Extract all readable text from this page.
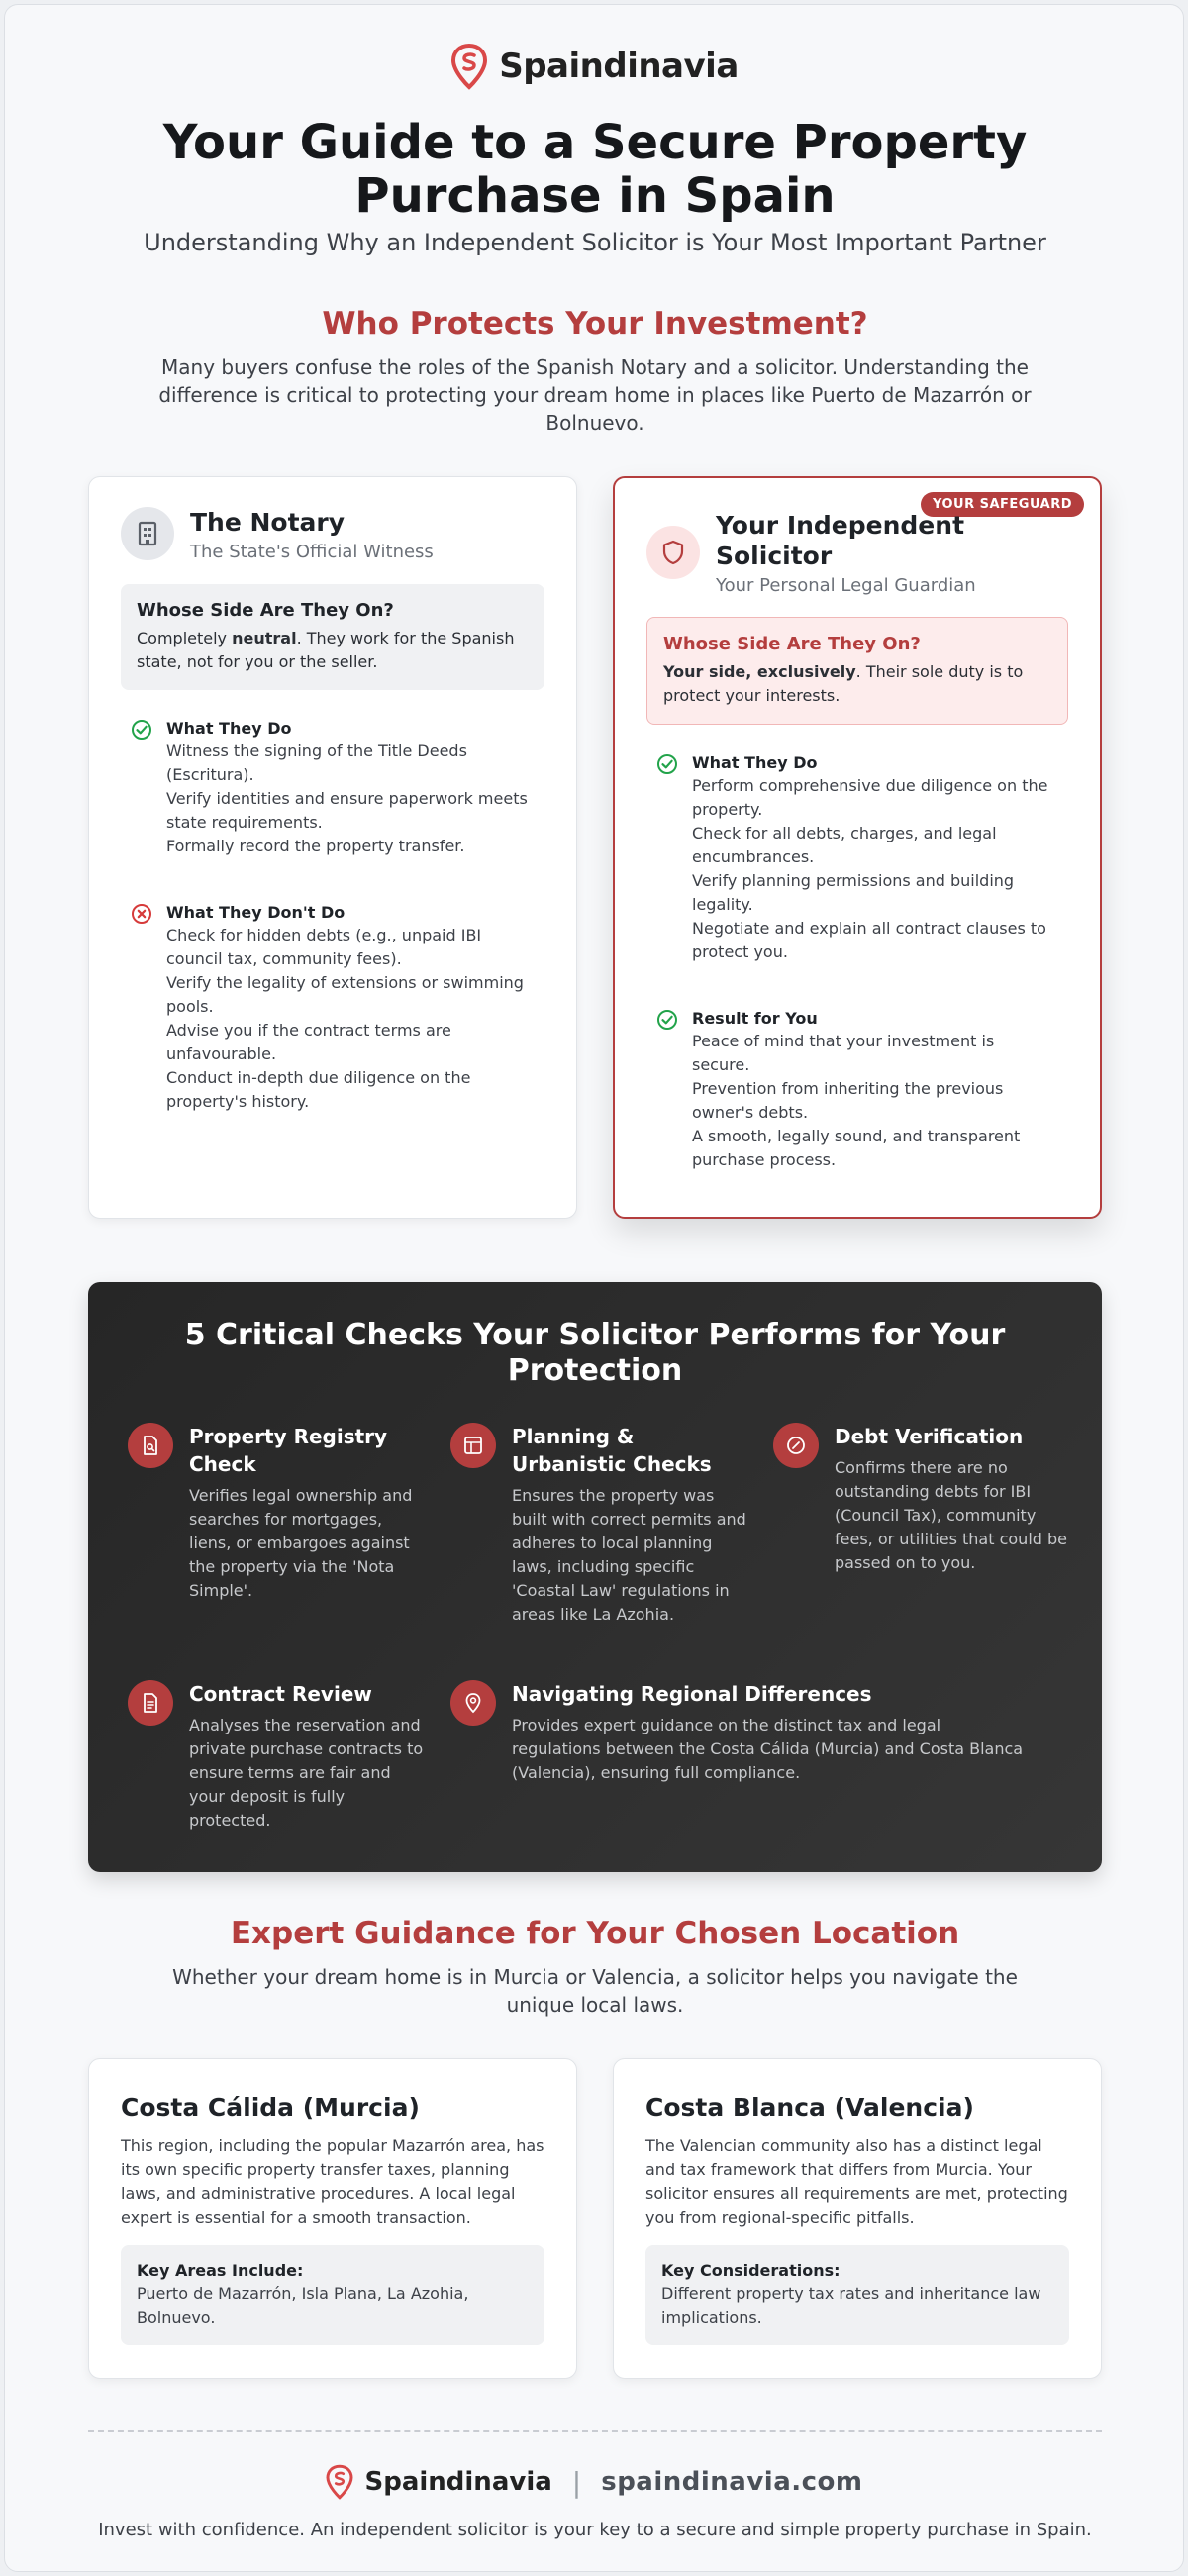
Spaindinavia
Your Guide to a Secure Property Purchase in Spain
Understanding Why an Independent Solicitor is Your Most Important Partner
Who Protects Your Investment?

Many buyers confuse the roles of the Spanish Notary and a solicitor. Understanding the difference is critical to protecting your dream home in places like Puerto de Mazarrón or Bolnuevo.

The Notary
The State's Official Witness
Whose Side Are They On?

Completely neutral. They work for the Spanish state, not for you or the seller.

What They Do
Witness the signing of the Title Deeds
(Escritura).
Verify identities and ensure paperwork meets
state requirements.
Formally record the property transfer.
What They Don't Do
Check for hidden debts (e.g., unpaid IBI
council tax, community fees).
Verify the legality of extensions or swimming
pools.
Advise you if the contract terms are
unfavourable.
Conduct in-depth due diligence on the
property's history.
YOUR SAFEGUARD
Your Independent
Solicitor
Your Personal Legal Guardian
Whose Side Are They On?

Your side, exclusively. Their sole duty is to protect your interests.

What They Do
Perform comprehensive due diligence on the
property.
Check for all debts, charges, and legal
encumbrances.
Verify planning permissions and building
legality.
Negotiate and explain all contract clauses to
protect you.
Result for You
Peace of mind that your investment is
secure.
Prevention from inheriting the previous
owner's debts.
A smooth, legally sound, and transparent
purchase process.
5 Critical Checks Your Solicitor Performs for Your Protection
Property Registry Check

Verifies legal ownership and searches for mortgages, liens, or embargoes against the property via the 'Nota Simple'.

Planning & Urbanistic Checks

Ensures the property was built with correct permits and adheres to local planning laws, including specific 'Coastal Law' regulations in areas like La Azohia.

Debt Verification

Confirms there are no outstanding debts for IBI (Council Tax), community fees, or utilities that could be passed on to you.

Contract Review

Analyses the reservation and private purchase contracts to ensure terms are fair and your deposit is fully protected.

Navigating Regional Differences

Provides expert guidance on the distinct tax and legal regulations between the Costa Cálida (Murcia) and Costa Blanca (Valencia), ensuring full compliance.

Expert Guidance for Your Chosen Location

Whether your dream home is in Murcia or Valencia, a solicitor helps you navigate the unique local laws.

Costa Cálida (Murcia)
This region, including the popular Mazarrón area, has its own specific property transfer taxes, planning laws, and administrative procedures. A local legal expert is essential for a smooth transaction.
Key Areas Include:

Puerto de Mazarrón, Isla Plana, La Azohia, Bolnuevo.

Costa Blanca (Valencia)
The Valencian community also has a distinct legal and tax framework that differs from Murcia. Your solicitor ensures all requirements are met, protecting you from regional-specific pitfalls.
Key Considerations:

Different property tax rates and inheritance law implications.

Spaindinavia | spaindinavia.com

Invest with confidence. An independent solicitor is your key to a secure and simple property purchase in Spain.
